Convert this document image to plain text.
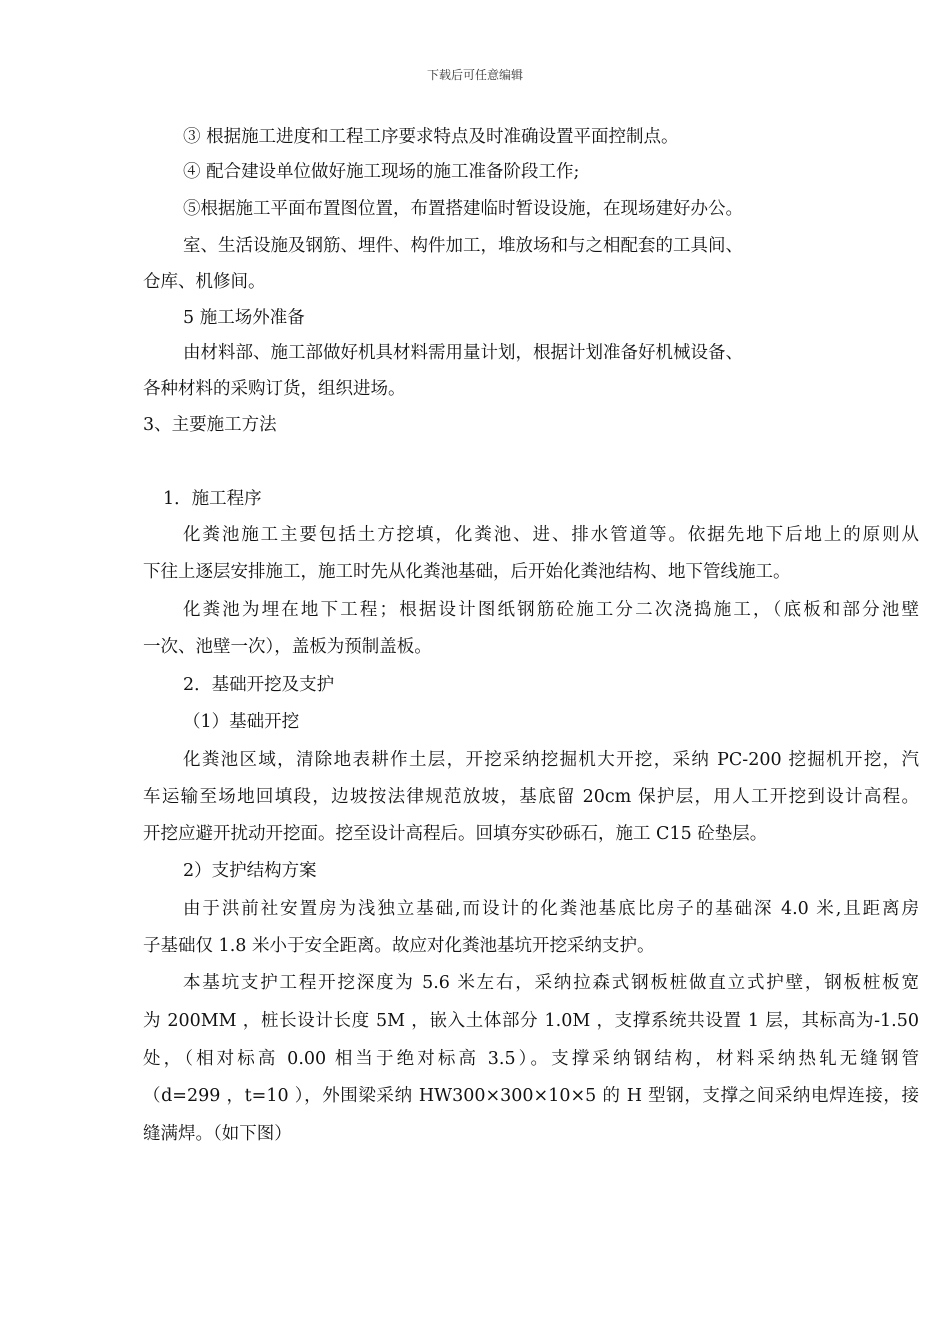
下载后可任意编辑
③ 根据施工进度和工程工序要求特点及时准确设置平面控制点。
④ 配合建设单位做好施工现场的施工准备阶段工作;
⑤根据施工平面布置图位置，布置搭建临时暂设设施，在现场建好办公。
室、生活设施及钢筋、埋件、构件加工，堆放场和与之相配套的工具间、
仓库、机修间。
5 施工场外准备
由材料部、施工部做好机具材料需用量计划，根据计划准备好机械设备、
各种材料的采购订货，组织进场。
3、主要施工方法
1．施工程序
化粪池施工主要包括土方挖填，化粪池、进、排水管道等。依据先地下后地上的原则从
下往上逐层安排施工，施工时先从化粪池基础，后开始化粪池结构、地下管线施工。
化粪池为埋在地下工程；根据设计图纸钢筋砼施工分二次浇捣施工，（底板和部分池壁
一次、池壁一次），盖板为预制盖板。
2．基础开挖及支护
（1）基础开挖
化粪池区域，清除地表耕作土层，开挖采纳挖掘机大开挖，采纳 PC-200 挖掘机开挖，汽
车运输至场地回填段，边坡按法律规范放坡，基底留 20cm 保护层，用人工开挖到设计高程。
开挖应避开扰动开挖面。挖至设计高程后。回填夯实砂砾石，施工 C15 砼垫层。
2）支护结构方案
由于洪前社安置房为浅独立基础,而设计的化粪池基底比房子的基础深 4.0 米,且距离房
子基础仅 1.8 米小于安全距离。故应对化粪池基坑开挖采纳支护。
本基坑支护工程开挖深度为 5.6 米左右，采纳拉森式钢板桩做直立式护壁，钢板桩板宽
为 200MM ，桩长设计长度 5M ，嵌入土体部分 1.0M ，支撑系统共设置 1 层，其标高为-1.50
处，（相对标高 0.00 相当于绝对标高 3.5）。支撑采纳钢结构，材料采纳热轧无缝钢管
（d=299 ，t=10 ），外围梁采纳 HW300×300×10×5 的 H 型钢，支撑之间采纳电焊连接，接
缝满焊。（如下图）
